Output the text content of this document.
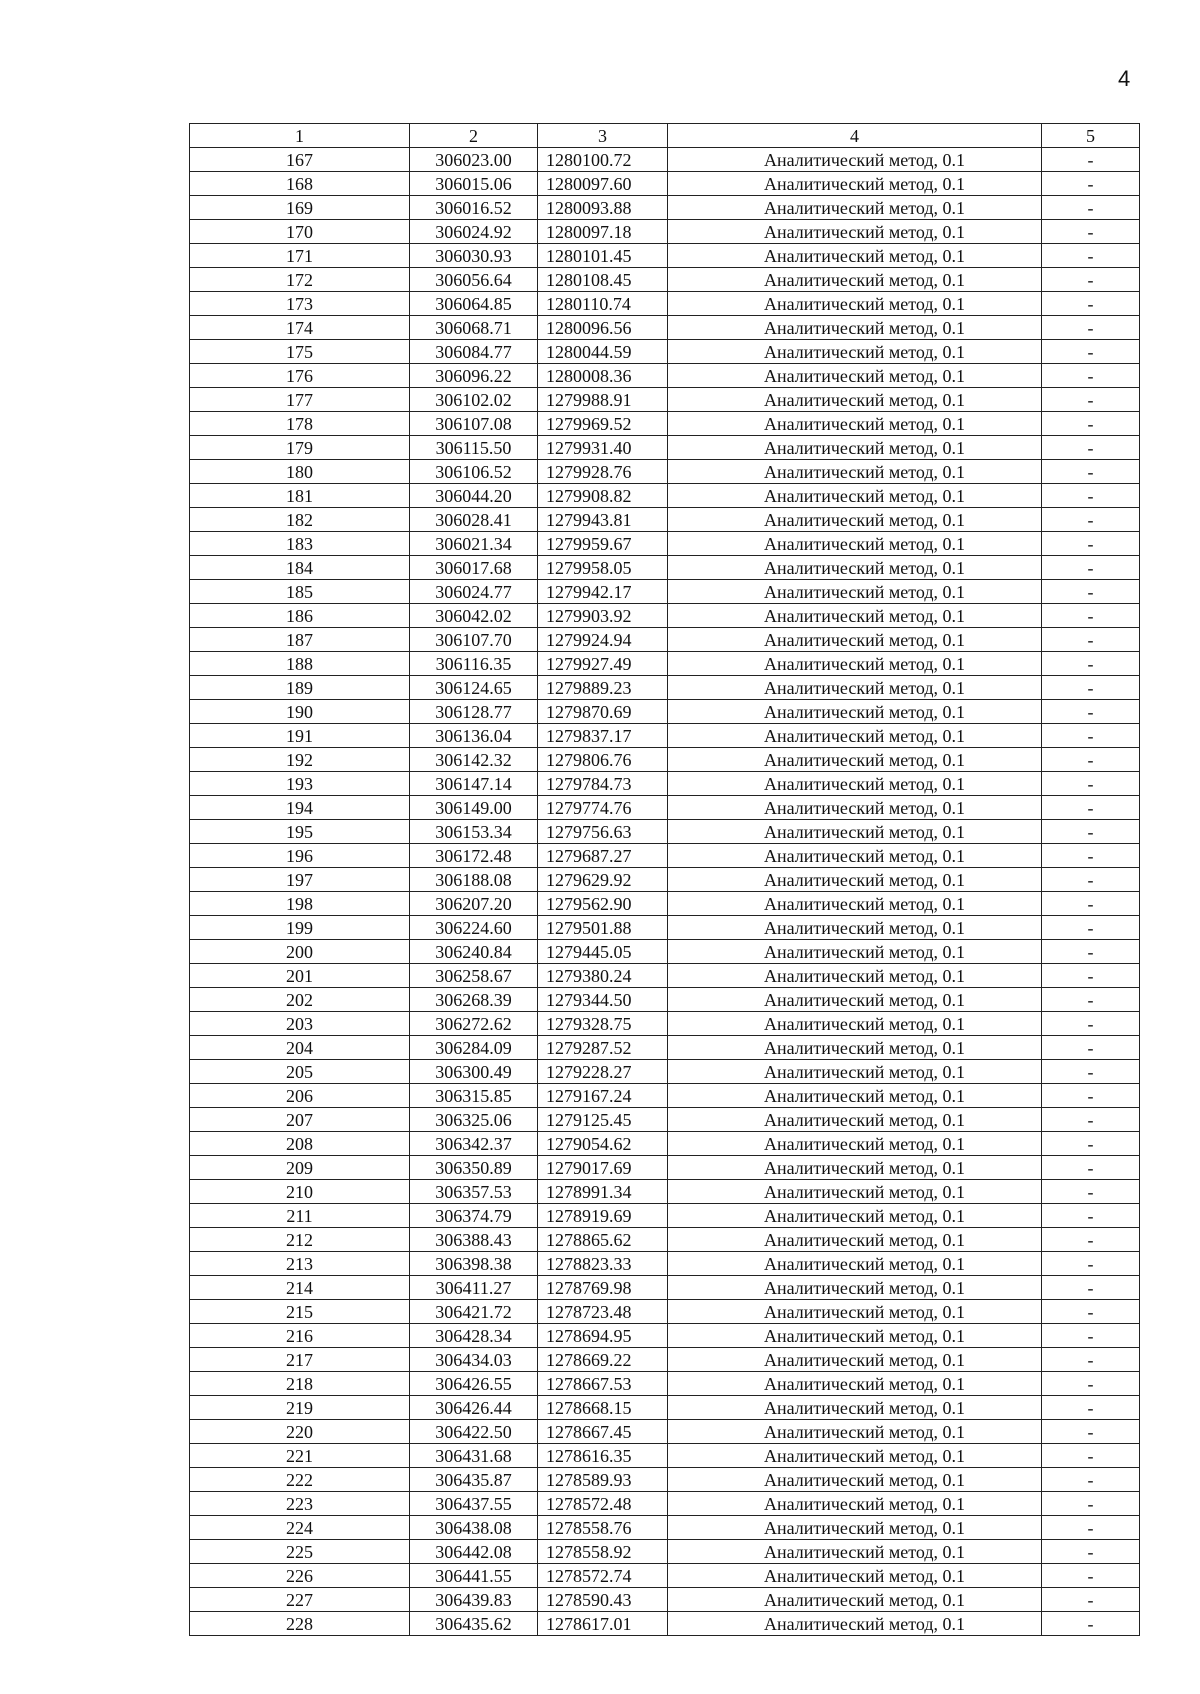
4
1	2	3	4	5
167	306023.00	1280100.72	Аналитический метод, 0.1	-
168	306015.06	1280097.60	Аналитический метод, 0.1	-
169	306016.52	1280093.88	Аналитический метод, 0.1	-
170	306024.92	1280097.18	Аналитический метод, 0.1	-
171	306030.93	1280101.45	Аналитический метод, 0.1	-
172	306056.64	1280108.45	Аналитический метод, 0.1	-
173	306064.85	1280110.74	Аналитический метод, 0.1	-
174	306068.71	1280096.56	Аналитический метод, 0.1	-
175	306084.77	1280044.59	Аналитический метод, 0.1	-
176	306096.22	1280008.36	Аналитический метод, 0.1	-
177	306102.02	1279988.91	Аналитический метод, 0.1	-
178	306107.08	1279969.52	Аналитический метод, 0.1	-
179	306115.50	1279931.40	Аналитический метод, 0.1	-
180	306106.52	1279928.76	Аналитический метод, 0.1	-
181	306044.20	1279908.82	Аналитический метод, 0.1	-
182	306028.41	1279943.81	Аналитический метод, 0.1	-
183	306021.34	1279959.67	Аналитический метод, 0.1	-
184	306017.68	1279958.05	Аналитический метод, 0.1	-
185	306024.77	1279942.17	Аналитический метод, 0.1	-
186	306042.02	1279903.92	Аналитический метод, 0.1	-
187	306107.70	1279924.94	Аналитический метод, 0.1	-
188	306116.35	1279927.49	Аналитический метод, 0.1	-
189	306124.65	1279889.23	Аналитический метод, 0.1	-
190	306128.77	1279870.69	Аналитический метод, 0.1	-
191	306136.04	1279837.17	Аналитический метод, 0.1	-
192	306142.32	1279806.76	Аналитический метод, 0.1	-
193	306147.14	1279784.73	Аналитический метод, 0.1	-
194	306149.00	1279774.76	Аналитический метод, 0.1	-
195	306153.34	1279756.63	Аналитический метод, 0.1	-
196	306172.48	1279687.27	Аналитический метод, 0.1	-
197	306188.08	1279629.92	Аналитический метод, 0.1	-
198	306207.20	1279562.90	Аналитический метод, 0.1	-
199	306224.60	1279501.88	Аналитический метод, 0.1	-
200	306240.84	1279445.05	Аналитический метод, 0.1	-
201	306258.67	1279380.24	Аналитический метод, 0.1	-
202	306268.39	1279344.50	Аналитический метод, 0.1	-
203	306272.62	1279328.75	Аналитический метод, 0.1	-
204	306284.09	1279287.52	Аналитический метод, 0.1	-
205	306300.49	1279228.27	Аналитический метод, 0.1	-
206	306315.85	1279167.24	Аналитический метод, 0.1	-
207	306325.06	1279125.45	Аналитический метод, 0.1	-
208	306342.37	1279054.62	Аналитический метод, 0.1	-
209	306350.89	1279017.69	Аналитический метод, 0.1	-
210	306357.53	1278991.34	Аналитический метод, 0.1	-
211	306374.79	1278919.69	Аналитический метод, 0.1	-
212	306388.43	1278865.62	Аналитический метод, 0.1	-
213	306398.38	1278823.33	Аналитический метод, 0.1	-
214	306411.27	1278769.98	Аналитический метод, 0.1	-
215	306421.72	1278723.48	Аналитический метод, 0.1	-
216	306428.34	1278694.95	Аналитический метод, 0.1	-
217	306434.03	1278669.22	Аналитический метод, 0.1	-
218	306426.55	1278667.53	Аналитический метод, 0.1	-
219	306426.44	1278668.15	Аналитический метод, 0.1	-
220	306422.50	1278667.45	Аналитический метод, 0.1	-
221	306431.68	1278616.35	Аналитический метод, 0.1	-
222	306435.87	1278589.93	Аналитический метод, 0.1	-
223	306437.55	1278572.48	Аналитический метод, 0.1	-
224	306438.08	1278558.76	Аналитический метод, 0.1	-
225	306442.08	1278558.92	Аналитический метод, 0.1	-
226	306441.55	1278572.74	Аналитический метод, 0.1	-
227	306439.83	1278590.43	Аналитический метод, 0.1	-
228	306435.62	1278617.01	Аналитический метод, 0.1	-
